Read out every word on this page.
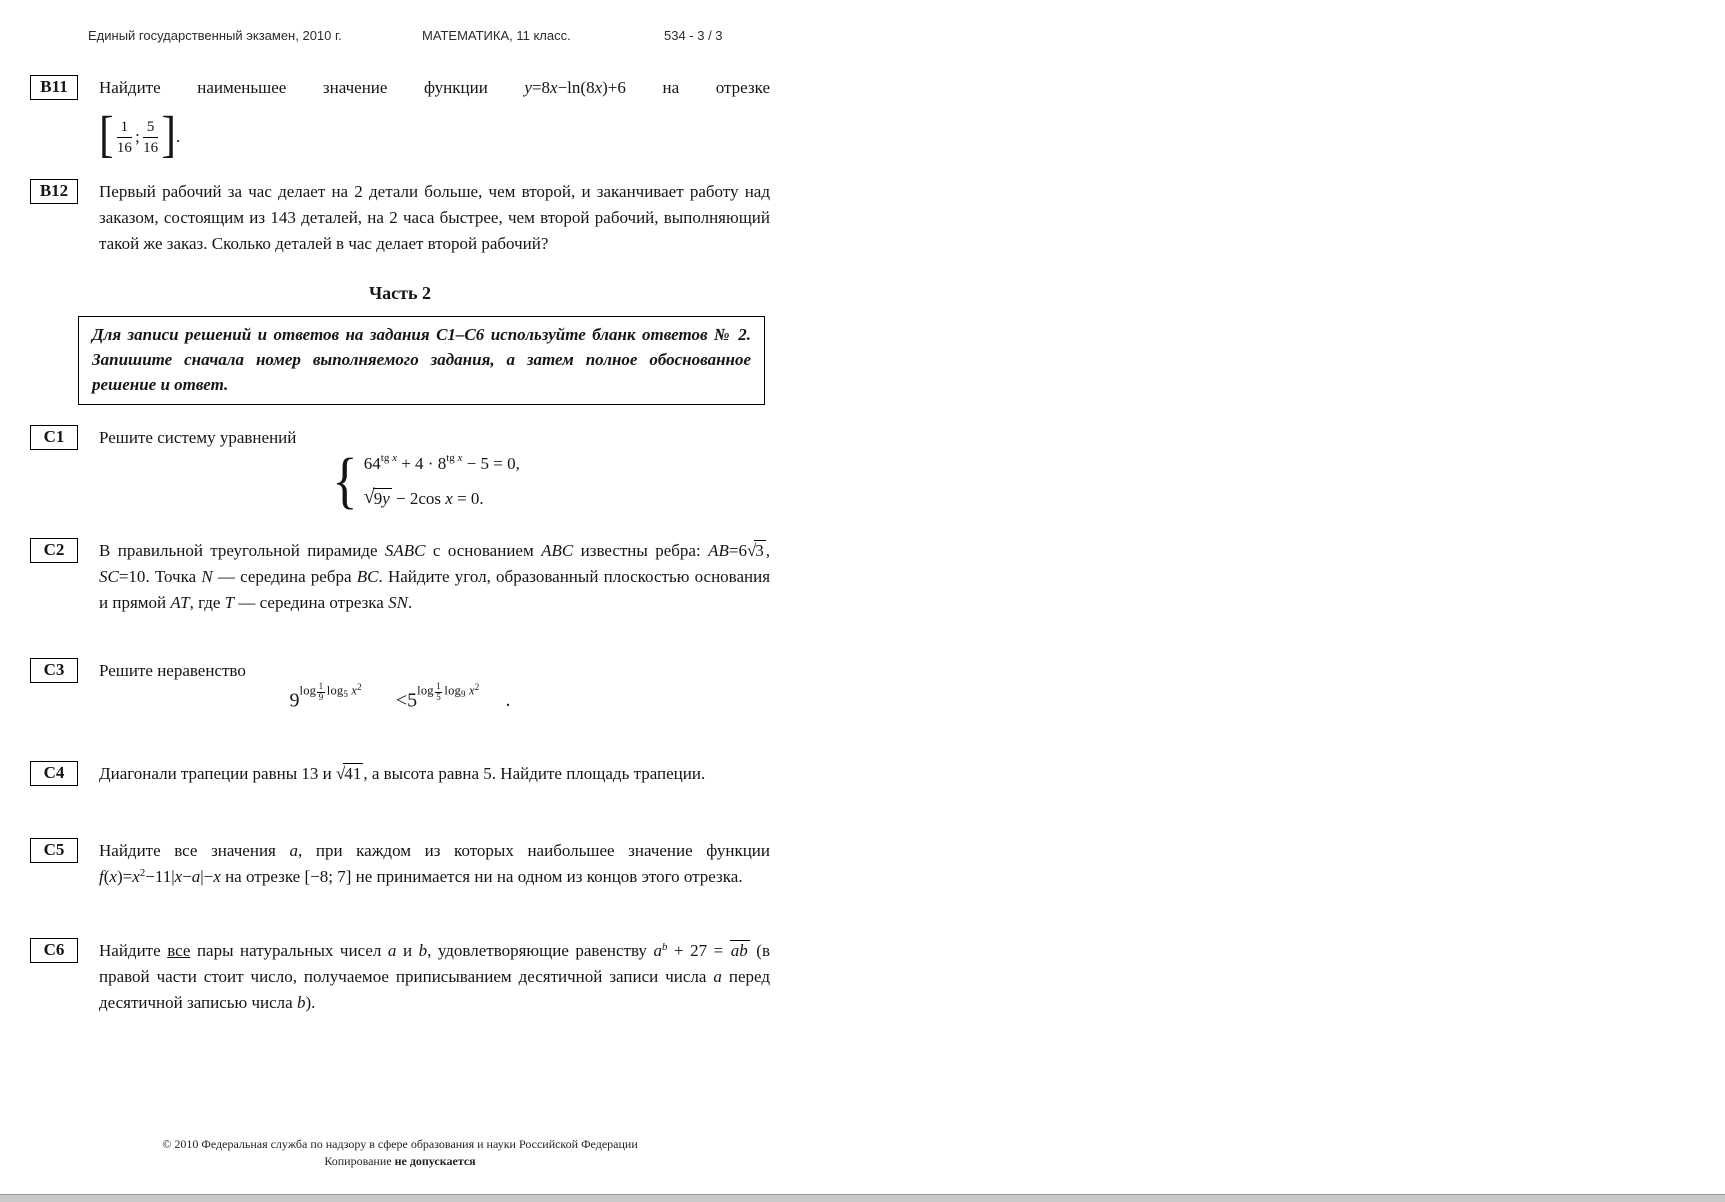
Единый государственный экзамен, 2010 г.	МАТЕМАТИКА, 11 класс.	534 - 3 / 3
B11	Найдите наименьшее значение функции y=8x−ln(8x)+6 на отрезке
[ $\frac{1}{16}$ ; $\frac{5}{16}$ ] .
B12	Первый рабочий за час делает на 2 детали больше, чем второй, и заканчивает работу над заказом, состоящим из 143 деталей, на 2 часа быстрее, чем второй рабочий, выполняющий такой же заказ. Сколько деталей в час делает второй рабочий?

Часть 2
Для записи решений и ответов на задания C1–C6 используйте бланк ответов № 2. Запишите сначала номер выполняемого задания, а затем полное обоснованное решение и ответ.
C1	Решите систему уравнений

{ 64 tg x + 4 · 8 tg x − 5 = 0,
√ 9y − 2cos x = 0.
C2	В правильной треугольной пирамиде SABC с основанием ABC известны ребра: AB=6√3 , SC=10. Точка N — середина ребра BC. Найдите угол, образованный плоскостью основания и прямой AT, где T — середина отрезка SN.

C3	Решите неравенство

$9\log \frac{1}{9} \log_5 x^2<5\log \frac{1}{5} \log_9 x^2$.
C4	Диагонали трапеции равны 13 и √41 , а высота равна 5. Найдите площадь трапеции.

C5	Найдите все значения a, при каждом из которых наибольшее значение функции $f(x)=x^2-11|x-a|-x$ на отрезке [−8; 7] не принимается ни на одном из концов этого отрезка.

C6	Найдите все пары натуральных чисел a и b, удовлетворяющие равенству $a^b + 27$ = ab (в правой части стоит число, получаемое приписыванием десятичной записи числа a перед десятичной записью числа b).

© 2010 Федеральная служба по надзору в сфере образования и науки Российской Федерации
Копирование не допускается
